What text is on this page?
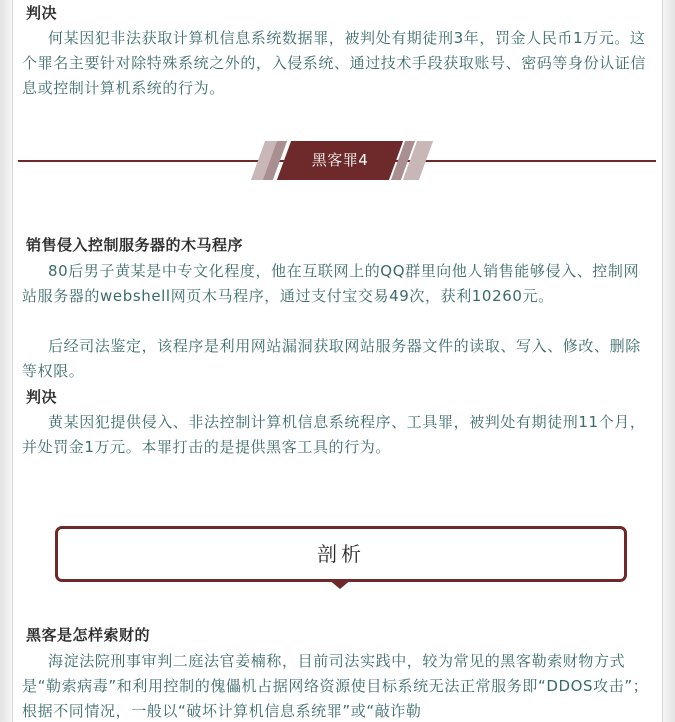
判决

何某因犯非法获取计算机信息系统数据罪，被判处有期徒刑3年，罚金人民币1万元。这个罪名主要针对除特殊系统之外的，入侵系统、通过技术手段获取账号、密码等身份认证信息或控制计算机系统的行为。

黑客罪4

销售侵入控制服务器的木马程序

80后男子黄某是中专文化程度，他在互联网上的QQ群里向他人销售能够侵入、控制网站服务器的webshell网页木马程序，通过支付宝交易49次，获利10260元。

后经司法鉴定，该程序是利用网站漏洞获取网站服务器文件的读取、写入、修改、删除等权限。

判决

黄某因犯提供侵入、非法控制计算机信息系统程序、工具罪，被判处有期徒刑11个月，并处罚金1万元。本罪打击的是提供黑客工具的行为。

剖析

黑客是怎样索财的

海淀法院刑事审判二庭法官姜楠称，目前司法实践中，较为常见的黑客勒索财物方式是“勒索病毒”和利用控制的傀儡机占据网络资源使目标系统无法正常服务即“DDOS攻击”；根据不同情况，一般以“破坏计算机信息系统罪”或“敲诈勒
